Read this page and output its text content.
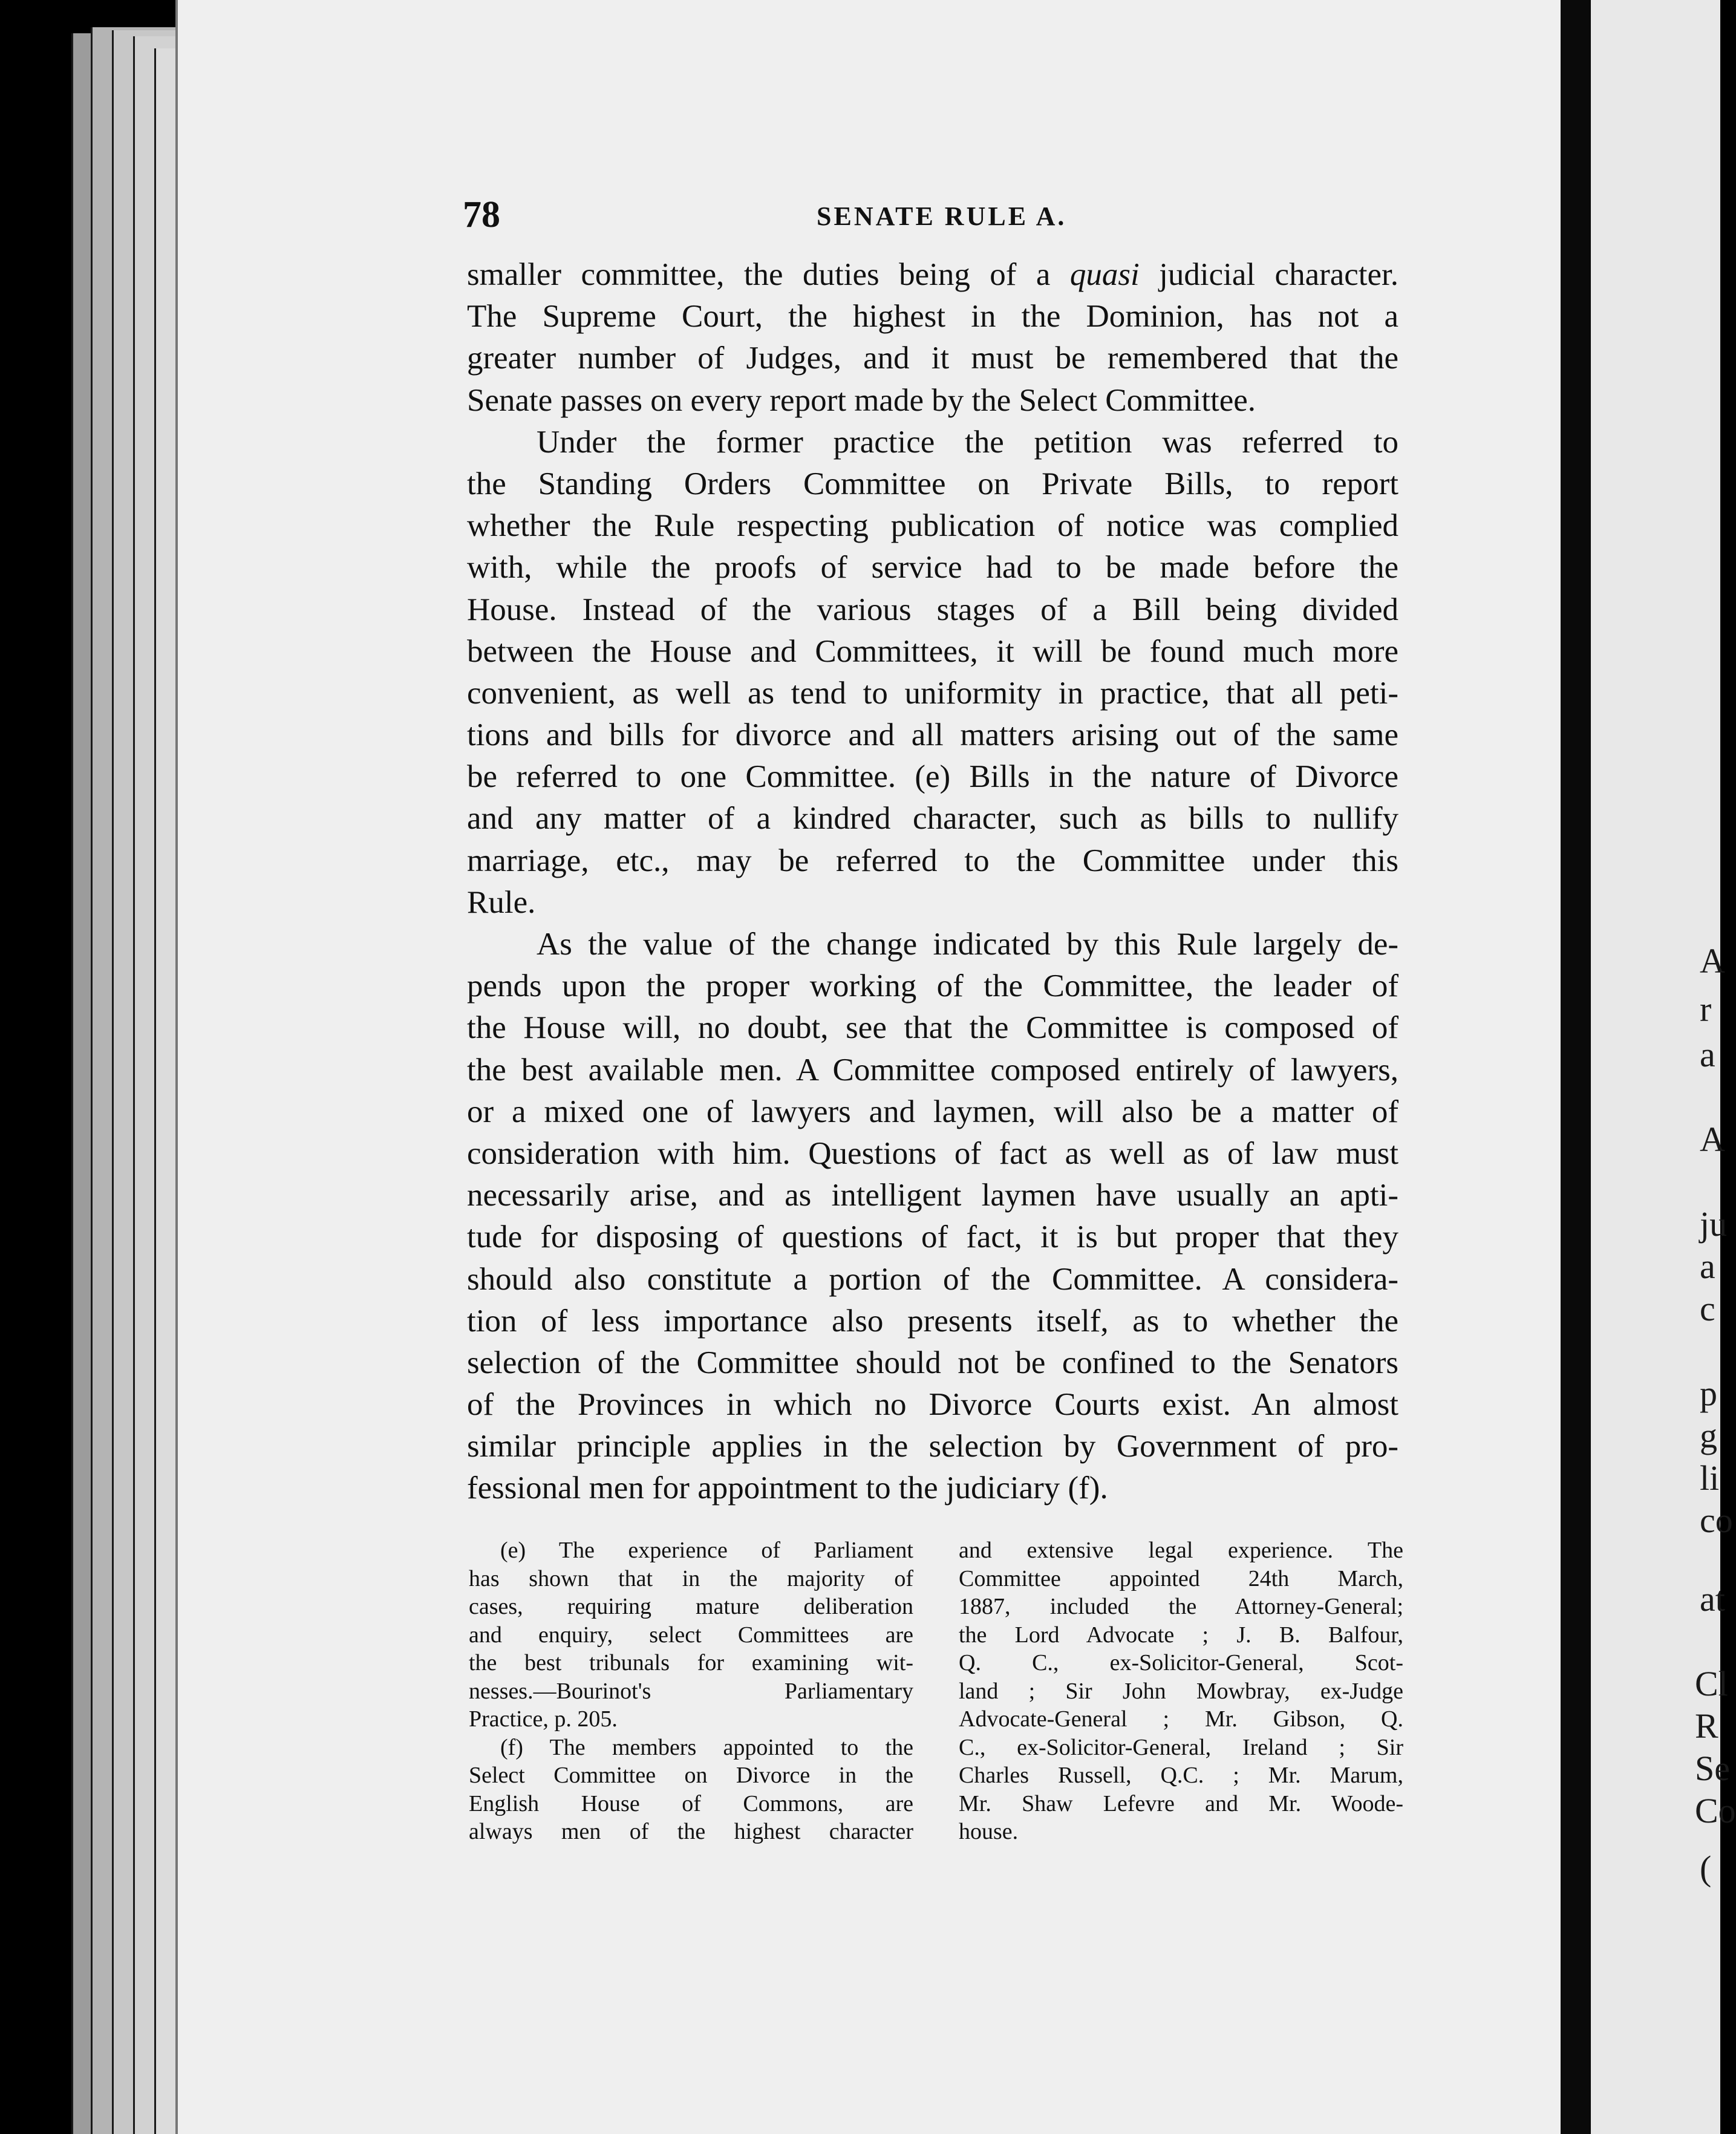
78	SENATE RULE A.
smaller committee, the duties being of a quasi judicial character.
The Supreme Court, the highest in the Dominion, has not a
greater number of Judges, and it must be remembered that the
Senate passes on every report made by the Select Committee.
Under the former practice the petition was referred to
the Standing Orders Committee on Private Bills, to report
whether the Rule respecting publication of notice was complied
with, while the proofs of service had to be made before the
House. Instead of the various stages of a Bill being divided
between the House and Committees, it will be found much more
convenient, as well as tend to uniformity in practice, that all peti-
tions and bills for divorce and all matters arising out of the same
be referred to one Committee. (e) Bills in the nature of Divorce
and any matter of a kindred character, such as bills to nullify
marriage, etc., may be referred to the Committee under this
Rule.
As the value of the change indicated by this Rule largely de-
pends upon the proper working of the Committee, the leader of
the House will, no doubt, see that the Committee is composed of
the best available men. A Committee composed entirely of lawyers,
or a mixed one of lawyers and laymen, will also be a matter of
consideration with him. Questions of fact as well as of law must
necessarily arise, and as intelligent laymen have usually an apti-
tude for disposing of questions of fact, it is but proper that they
should also constitute a portion of the Committee. A considera-
tion of less importance also presents itself, as to whether the
selection of the Committee should not be confined to the Senators
of the Provinces in which no Divorce Courts exist. An almost
similar principle applies in the selection by Government of pro-
fessional men for appointment to the judiciary (f).
(e) The experience of Parliament
has shown that in the majority of
cases, requiring mature deliberation
and enquiry, select Committees are
the best tribunals for examining wit-
nesses.—Bourinot's Parliamentary
Practice, p. 205.
(f) The members appointed to the
Select Committee on Divorce in the
English House of Commons, are
always men of the highest character
and extensive legal experience. The
Committee appointed 24th March,
1887, included the Attorney-General;
the Lord Advocate ; J. B. Balfour,
Q. C., ex-Solicitor-General, Scot-
land ; Sir John Mowbray, ex-Judge
Advocate-General ; Mr. Gibson, Q.
C., ex-Solicitor-General, Ireland ; Sir
Charles Russell, Q.C. ; Mr. Marum,
Mr. Shaw Lefevre and Mr. Woode-
house.
A
r
a
A
ju
a
c
p
g
li
co
at
Cl
R
Se
Co
(
